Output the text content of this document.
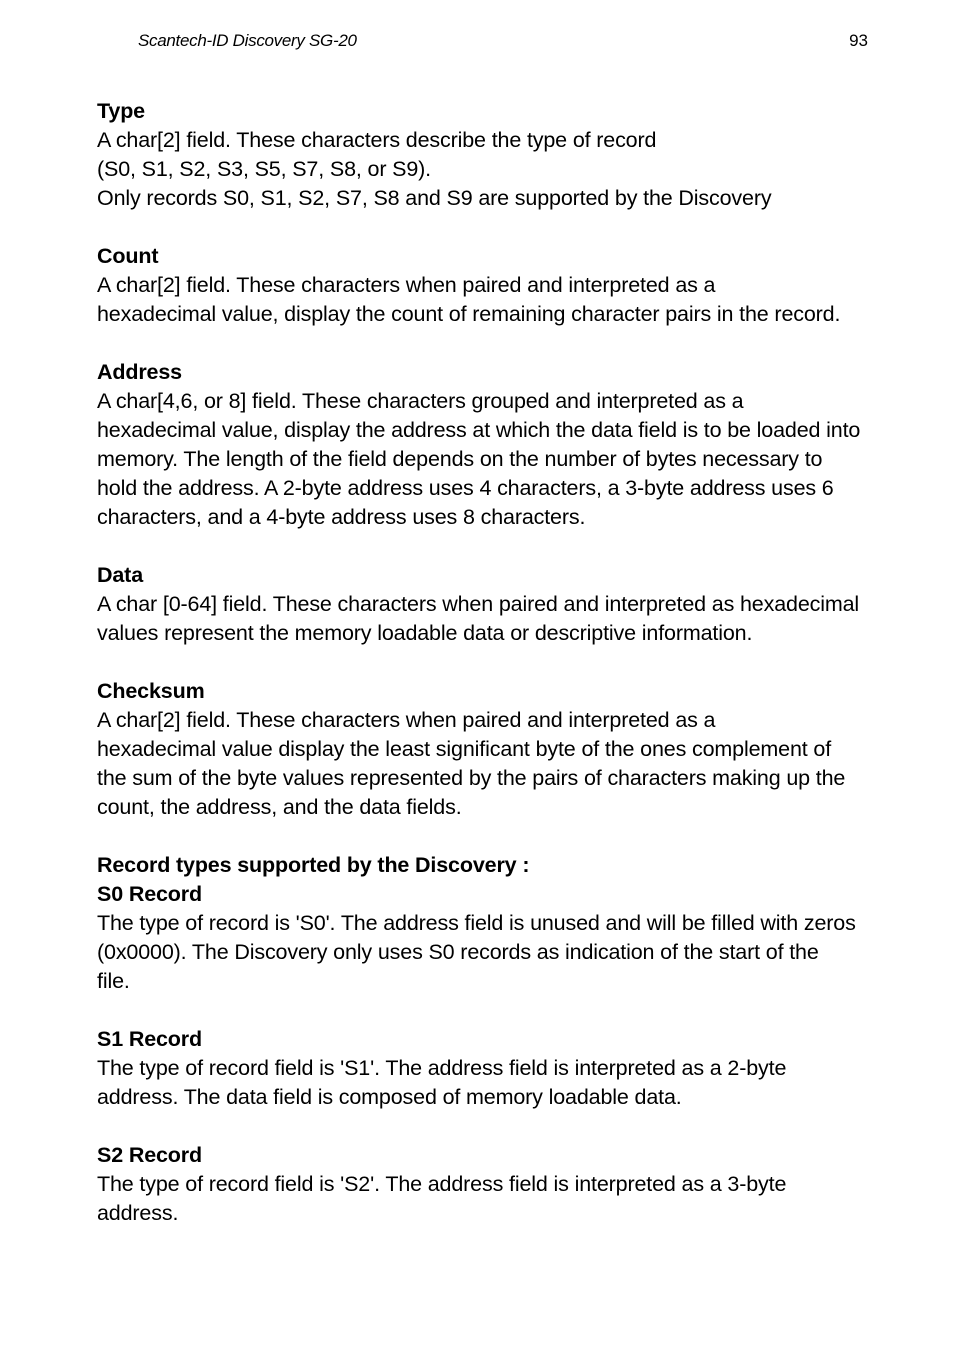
Scantech-ID Discovery SG-20	93
Type
A char[2] field. These characters describe the type of record
(S0, S1, S2, S3, S5, S7, S8, or S9).
Only records S0, S1, S2, S7, S8 and S9 are supported by the Discovery
Count
A char[2] field. These characters when paired and interpreted as a
hexadecimal value, display the count of remaining character pairs in the record.
Address
A char[4,6, or 8] field. These characters grouped and interpreted as a
hexadecimal value, display the address at which the data field is to be loaded into
memory. The length of the field depends on the number of bytes necessary to
hold the address. A 2-byte address uses 4 characters, a 3-byte address uses 6
characters, and a 4-byte address uses 8 characters.
Data
A char [0-64] field. These characters when paired and interpreted as hexadecimal
values represent the memory loadable data or descriptive information.
Checksum
A char[2] field. These characters when paired and interpreted as a
hexadecimal value display the least significant byte of the ones complement of
the sum of the byte values represented by the pairs of characters making up the
count, the address, and the data fields.
Record types supported by the Discovery :
S0 Record
The type of record is 'S0'. The address field is unused and will be filled with zeros
(0x0000). The Discovery only uses S0 records as indication of the start of the
file.
S1 Record
The type of record field is 'S1'. The address field is interpreted as a 2-byte
address. The data field is composed of memory loadable data.
S2 Record
The type of record field is 'S2'. The address field is interpreted as a 3-byte
address.
